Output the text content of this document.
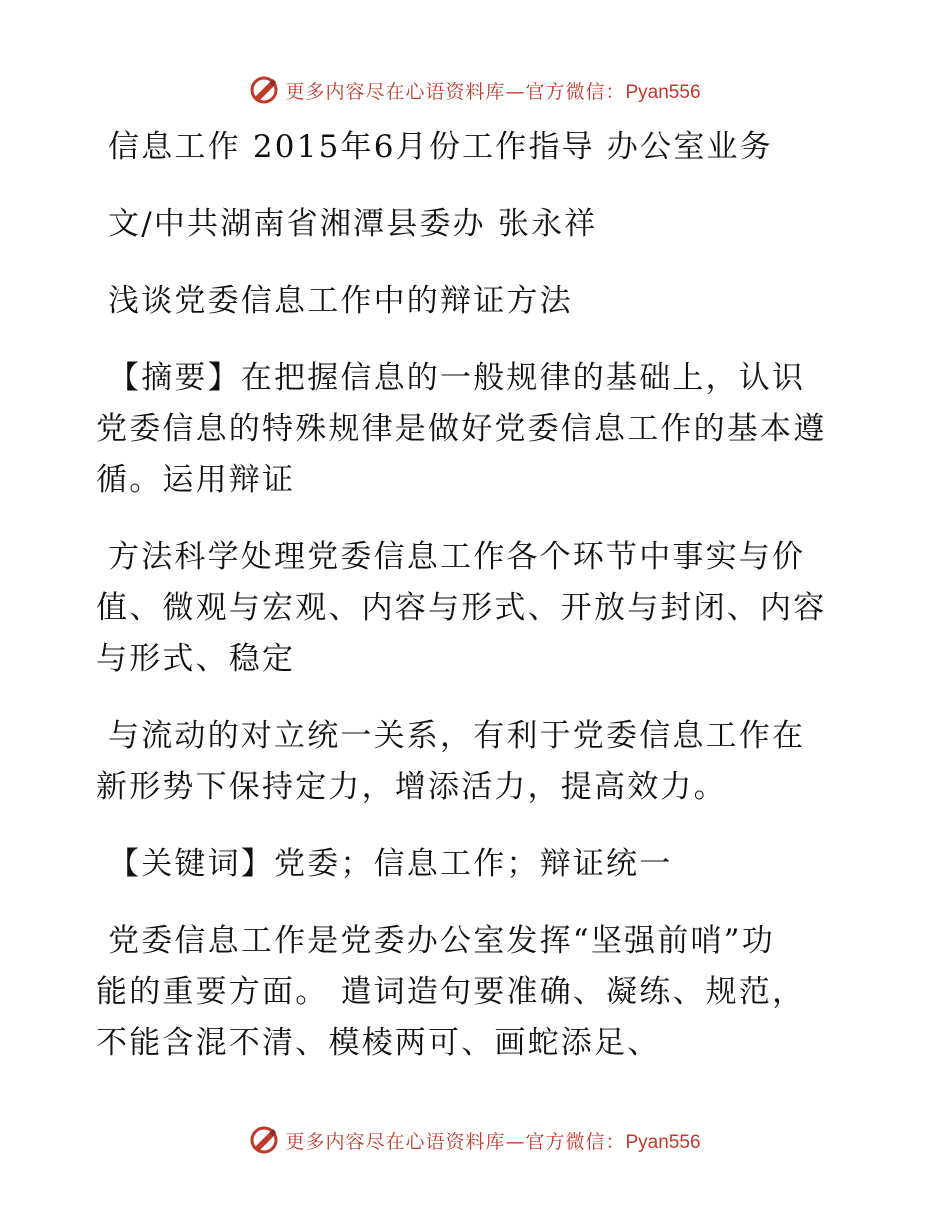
更多内容尽在心语资料库—官方微信：Pyan556

信息工作 2015年6月份工作指导 办公室业务

文/中共湖南省湘潭县委办 张永祥

浅谈党委信息工作中的辩证方法

【摘要】在把握信息的一般规律的基础上，认识

党委信息的特殊规律是做好党委信息工作的基本遵

循。运用辩证

方法科学处理党委信息工作各个环节中事实与价

值、微观与宏观、内容与形式、开放与封闭、内容

与形式、稳定

与流动的对立统一关系，有利于党委信息工作在

新形势下保持定力，增添活力，提高效力。

【关键词】党委；信息工作；辩证统一

党委信息工作是党委办公室发挥“坚强前哨”功

能的重要方面。 遣词造句要准确、凝练、规范，

不能含混不清、模棱两可、画蛇添足、

更多内容尽在心语资料库—官方微信：Pyan556
